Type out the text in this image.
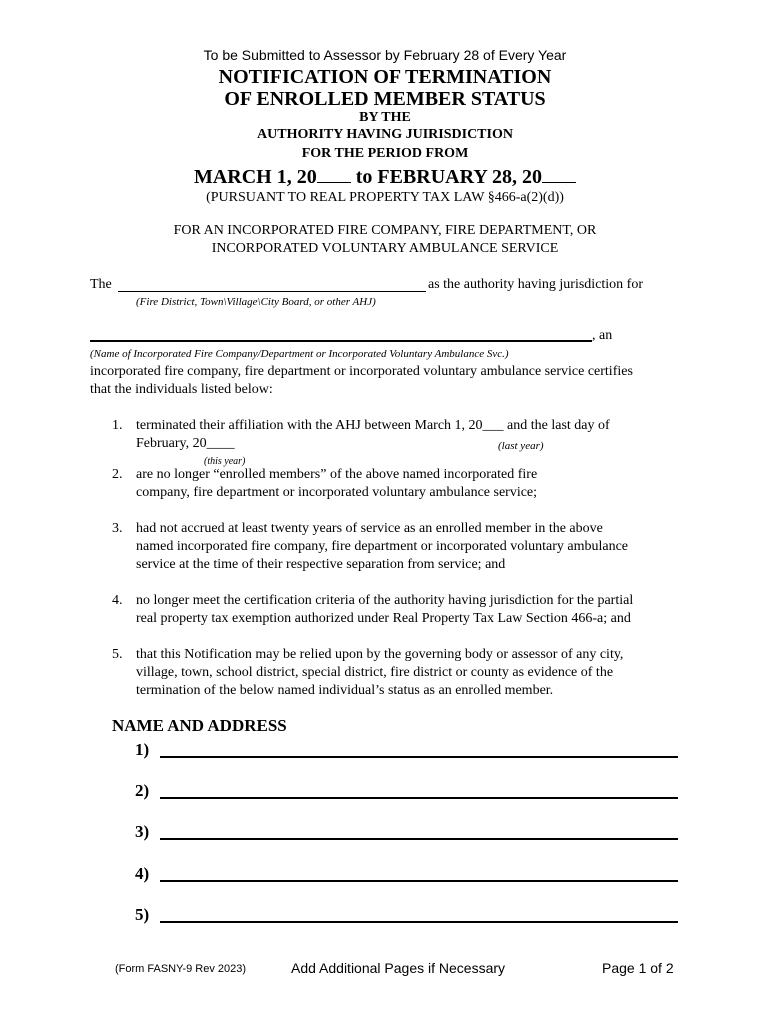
To be Submitted to Assessor by February 28 of Every Year
NOTIFICATION OF TERMINATION
OF ENROLLED MEMBER STATUS
BY THE
AUTHORITY HAVING JUIRISDICTION
FOR THE PERIOD FROM
MARCH 1, 20 to FEBRUARY 28, 20
(PURSUANT TO REAL PROPERTY TAX LAW §466-a(2)(d))
FOR AN INCORPORATED FIRE COMPANY, FIRE DEPARTMENT, OR
INCORPORATED VOLUNTARY AMBULANCE SERVICE
The	as the authority having jurisdiction for
(Fire District, Town\Village\City Board, or other AHJ)
, an
(Name of Incorporated Fire Company/Department or Incorporated Voluntary Ambulance Svc.)
incorporated fire company, fire department or incorporated voluntary ambulance service certifies
that the individuals listed below:
1. terminated their affiliation with the AHJ between March 1, 20___ and the last day of
February, 20____	(last year)
(this year)
2. are no longer “enrolled members” of the above named incorporated fire
company, fire department or incorporated voluntary ambulance service;
3. had not accrued at least twenty years of service as an enrolled member in the above
named incorporated fire company, fire department or incorporated voluntary ambulance
service at the time of their respective separation from service; and
4. no longer meet the certification criteria of the authority having jurisdiction for the partial
real property tax exemption authorized under Real Property Tax Law Section 466-a; and
5. that this Notification may be relied upon by the governing body or assessor of any city,
village, town, school district, special district, fire district or county as evidence of the
termination of the below named individual’s status as an enrolled member.
NAME AND ADDRESS
1)
2)
3)
4)
5)
(Form FASNY-9 Rev 2023)	Add Additional Pages if Necessary	Page 1 of 2
